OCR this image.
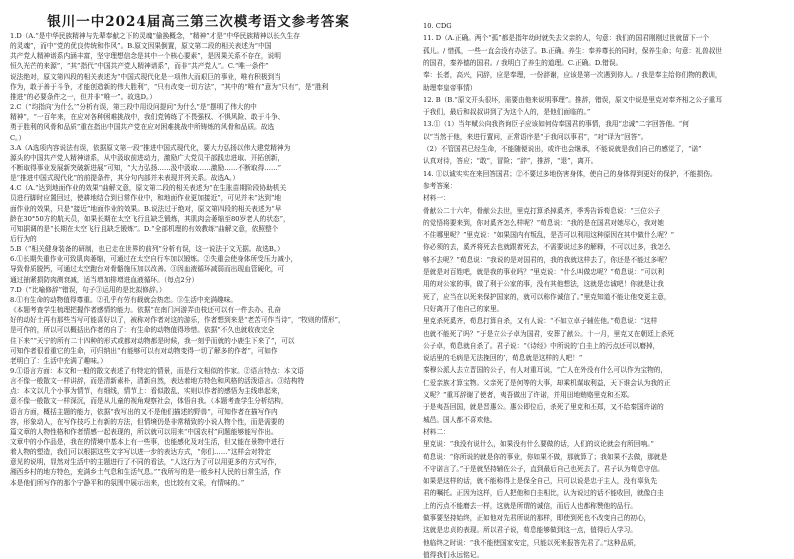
银川一中2024届高三第三次模考语文参考答案
1.D（A.“是中华民族精神与先辈奉献之下的灵魂”偷换概念，“精神”才是“中华民族精神以长久生存
的灵魂”，而中“党的优良传统和作风”。B.原文因果倒置，原文第二段的相关表述为“中国
共产党人精神谱系内涵丰富，坚守理想信念是其中一个核心要素”，是因果关系不存在，说明
恒久光芒的来源”，“其”指代“中国共产党人精神谱系”，而非“共产党人”。C.“唯一条件”
说法绝对，原文第四段的相关表述为“中国式现代化是一项伟大而艰巨的事业，唯有积极到当
作为，敢于善于斗争，才能创造新的伟大胜利”，“只有改变一切方法”，“其中的“唯有”意为“只有”，是“胜利
推进”的必要条件之一，但并非“唯一”。故选D。）
2.C（“均指向‘为什么’”分析有误，第三段中用设问提问“为什么”是“摆明了伟大的中
精神”，“一百年来，在应对各种困难挑战中，我们党铸练了不畏强权、不惧风险、敢于斗争、
勇于胜利的风骨和品质”重在指出中国共产党在应对困难挑战中所铸炼的风骨和品质。故选
C。）
3.A（A选项内容说法有误，依据原文第一段“推进中国式现代化，要大力弘扬以伟大建党精神为
源头的中国共产党人精神谱系，从中汲取前进动力，激励广大党员干部践忠进取、开拓创新，
不断取得事业发展新突破新进展”可知，“大力弘扬……汲中汲取……激励……不断取得……”
是“推进中国式现代化”的前提条件，其分句内部并未表现并列关系。故选A。）
4.C（A.“达到地面作业的效果”曲解文意，原文第二段的相关表述为“在生胀苗期阶段协助机关
员进行脚时应置回过，使耕地结合到日常作业中，和地面作业更加接近”，可见并未“达到”地
面作业的效果，只是“接近”地面作业的效果。B.说法过于绝对，原文第四段的相关表述为“早
龄在30°50方的航天员，如果长期在太空飞行且缺乏锻炼，其肌肉会萎缩至80岁老人的状态”，
可知据调的是“长期在太空飞行且缺乏锻炼”。D.“全部机理的有效教练”曲解文意，依照整个
后行为的
5.B（“相关健身装备的研制，也已走在世界的前列”分析有误，这一说法于文无据。故选B。）
6.①长期失重作业可致肌肉萎缩，可通过在太空自行车加以锻炼。②失重会使身体所受压力减小，
导致骨质脱钙，可通过太空跑台对骨骼施压加以改善。③因血液循环减弱而出现血管硬化，可
通过抽紧损防肉测衰减，适当增加排增进血液循环。（每点2分）
7.D（“比喻修辞”错误，句子③运用的是比拟修辞。）
8.①有生命的动物值得尊重。②孔乎有劳有载就会热恋。③生活中充满趣味。
《本题考查学生梳理把握作者感情的能力。依据“在南门河游弄由枝还可以有一件去办。孔奋
好的动好土再有那些当写可能喜好以了，被称对作者对这的游乐，作者想到来是“老苦可作当诗”，“牧则的情形”，
是可作的，所以可以概括出作者的自了：有生命的动物值得珍惜。依据“不久也就收夜完全
住下来”“天宁的所有二十四种的形式或都对动物都是时候，我一刻乎而就的小鹿生下来了”，可以
可知作者很看重它的生命，可归纳出“有能够可以有对动物变得一切了解多的作者”，可如作
老明白了：生活中充满了趣味。）
9.①语言方面：本文和一般的散文表述了有特定的情景，而是行文相似的作家。②语言特点：本文语
言不像一般散文一样讲辞，而是清新素朴，清新自然，表达着地方特色和风格的活泼语言。③结构特
点：本文以几个小事为情节，有细线，情节上：看似散乱，实则以作者的感悟为主线串起来，
意不像一般散文一样深沉，而是从儿童的视角观察社会，体悟自我。（本题考查学生分析结构，
语言方面，概括主题的能力，依据“我写出的又不是他们描述的野兽”，可知作者在描写作内
容，形象动人，在写作技巧上有新的方法，但情境仍是非常精致的小说人物个性，而是需要的
篇文章的人物性格和作者情感一起表现的，所以就可以用来“中国农村”问题能够能写作出。
文章中的小作品是，我在的情境中基本上有一些事，也能感化及对生活，但又能在景物中进行
着人物的塑造，我们可以根据这些文字写以进一步的表达方式，“你们……”这样会对特定
意见的说明，显然对生活中的主题进行了不同的看法，“人这行为了可以用更多的方式写作，
湘西乡村的地方特色，充满乡土气息和生活气息。”“我所写的是一般乡村人民的日常生活，作
本是他们所写作的那个宁静平和的氛围中展示出来，也比较有文采，有情味的。”
10. CDG
11. D（A.正确。两个“孤”都是指年幼时就失去父亲的人，句意：我们的国君刚刚过世就留下一个
孤儿。/ 惜孤，一些一直会没有办法了。B.正确。养生：奉养尊长的同时，保养生命；句意：礼兽叔世
的国君，秦养德的国君。/ 我明白了养生的道理。C.正确。D.错误。
奉：长者，高兴，同辞，应是奉理，一份辞谢，应该是第一次遇到你人。/ 我是奉主给你们物的教训，
助理奉皇帝事情）
12. B（B.“原文开头很坏，需要由他来说明事理”。推辞，错误，原文中说是里克对奉齐相之公子重耳
于我们，最后和叔叔讲到了为这个人的，是他们面临的。”
13.①（1）当年赋公向我咨询臣子应该如何侍奉国君的事情，我用“忠诚”二字回答他。“何
以”当然于他，来进行置问，正常语序是“于我问以事君”，“对”译为“回答”。
（2）不管国君已经生命，不能随便说出，或许也会继承，不能说就是我们自己的感觉了，“诺”
认真对待，答应；“敢”，冒险；“辞”，推辞，“退”，离开。
14. ①以诚实实在来回答国君；②不要过多地伤害身体，使自己的身体得到更好的保护，不能损伤。
参考答案：
材料一：
骨献公二十六年，骨献公去世，里克打算杀掉奚齐，季秀告诉荀息说：“三位公子
的觉悟将要来到，你对奚齐怎么样呢？”荀息说：“我的是在国君对她尽心，我对她
不住哪里呢？”里克说：“如果国内有叛乱，是否可以利用这种原因在其中做什么呢？”
你必须的去，奚齐将死去也就跟着死去，不需要说过多的解释，不可以过多，我怎么
够不去呢？”荀息说：“我说的是对国君的，我的我就这样去了，你还是不能过多呢？
是就是对百姓吧，就是我的事业吗？”里克说：“什么叫做忠呢？”荀息说：“可以利
用的对公家的事，做了利于公家的事，没有其他想法，这就是忠诚吧！你就是让我
死了，应当在以死来保护国家的，就可以称作诚信了。”里克知道不能让他变更主意，
只好离开了他自己的家里。
里克杀死奚齐，荀息打算自杀，又有人说：“不如立卓子辅佐他。”荀息说：“这样
也就不能死了吗？”于是立公子卓为国君，安葬了献公。十一月，里克又在朝廷上杀死
公子卓，荀息就自杀了。君子说：“《诗经》中所说的‘白圭上的污点还可以磨掉，
说话里的毛病是无法挽回的’，荀息就是这样的人吧！”
秦穆公派人去立晋国的公子，有人对重耳说，“亡人在外没有什么可以作为宝物的，
仁爱亲族才算宝物。父亲死了是何等的大事，却乘机谋取利益，天下谁会认为我的正
义呢？”重耳辞谢了使者，夷吾做出了许诺，并用田地贿赂里克和丕郑。
于是夷吾回国，就是晋惠公。惠公即位后，杀死了里克和丕郑，又不给秦国许诺的
城邑。国人都不喜欢他。
材料二：
里克说：“我没有说什么，如果没有什么要做的话，人们的议论就会有所回响。”
荀息说：“你所说的就是你的事业，你如果不做，那就算了；我如果不去做，那就是
不守诺言了。”于是就坚持辅佐公子，直到最后自己也死去了。君子认为荀息守信。
如果是这样的话，就不能称得上是保全自己，只可以说是忠于主人，没有辜负先
君的嘱托。正因为这样，后人把他和白圭相比，认为说过的话不能收回，就像白圭
上的污点不能磨去一样，这就是所谓的诚信，而后人也都称赞他的品行。
做事要坚持始终，正如他对先君所说的那样，即使到死也不改变自己的初心，
这就是忠贞的表现。所以君子说，荀息能够做到这一点，值得后人学习。
他临终之时说：“我不能使国家安定，只能以死来报答先君了。”这种品质，
值得我们永远铭记。
